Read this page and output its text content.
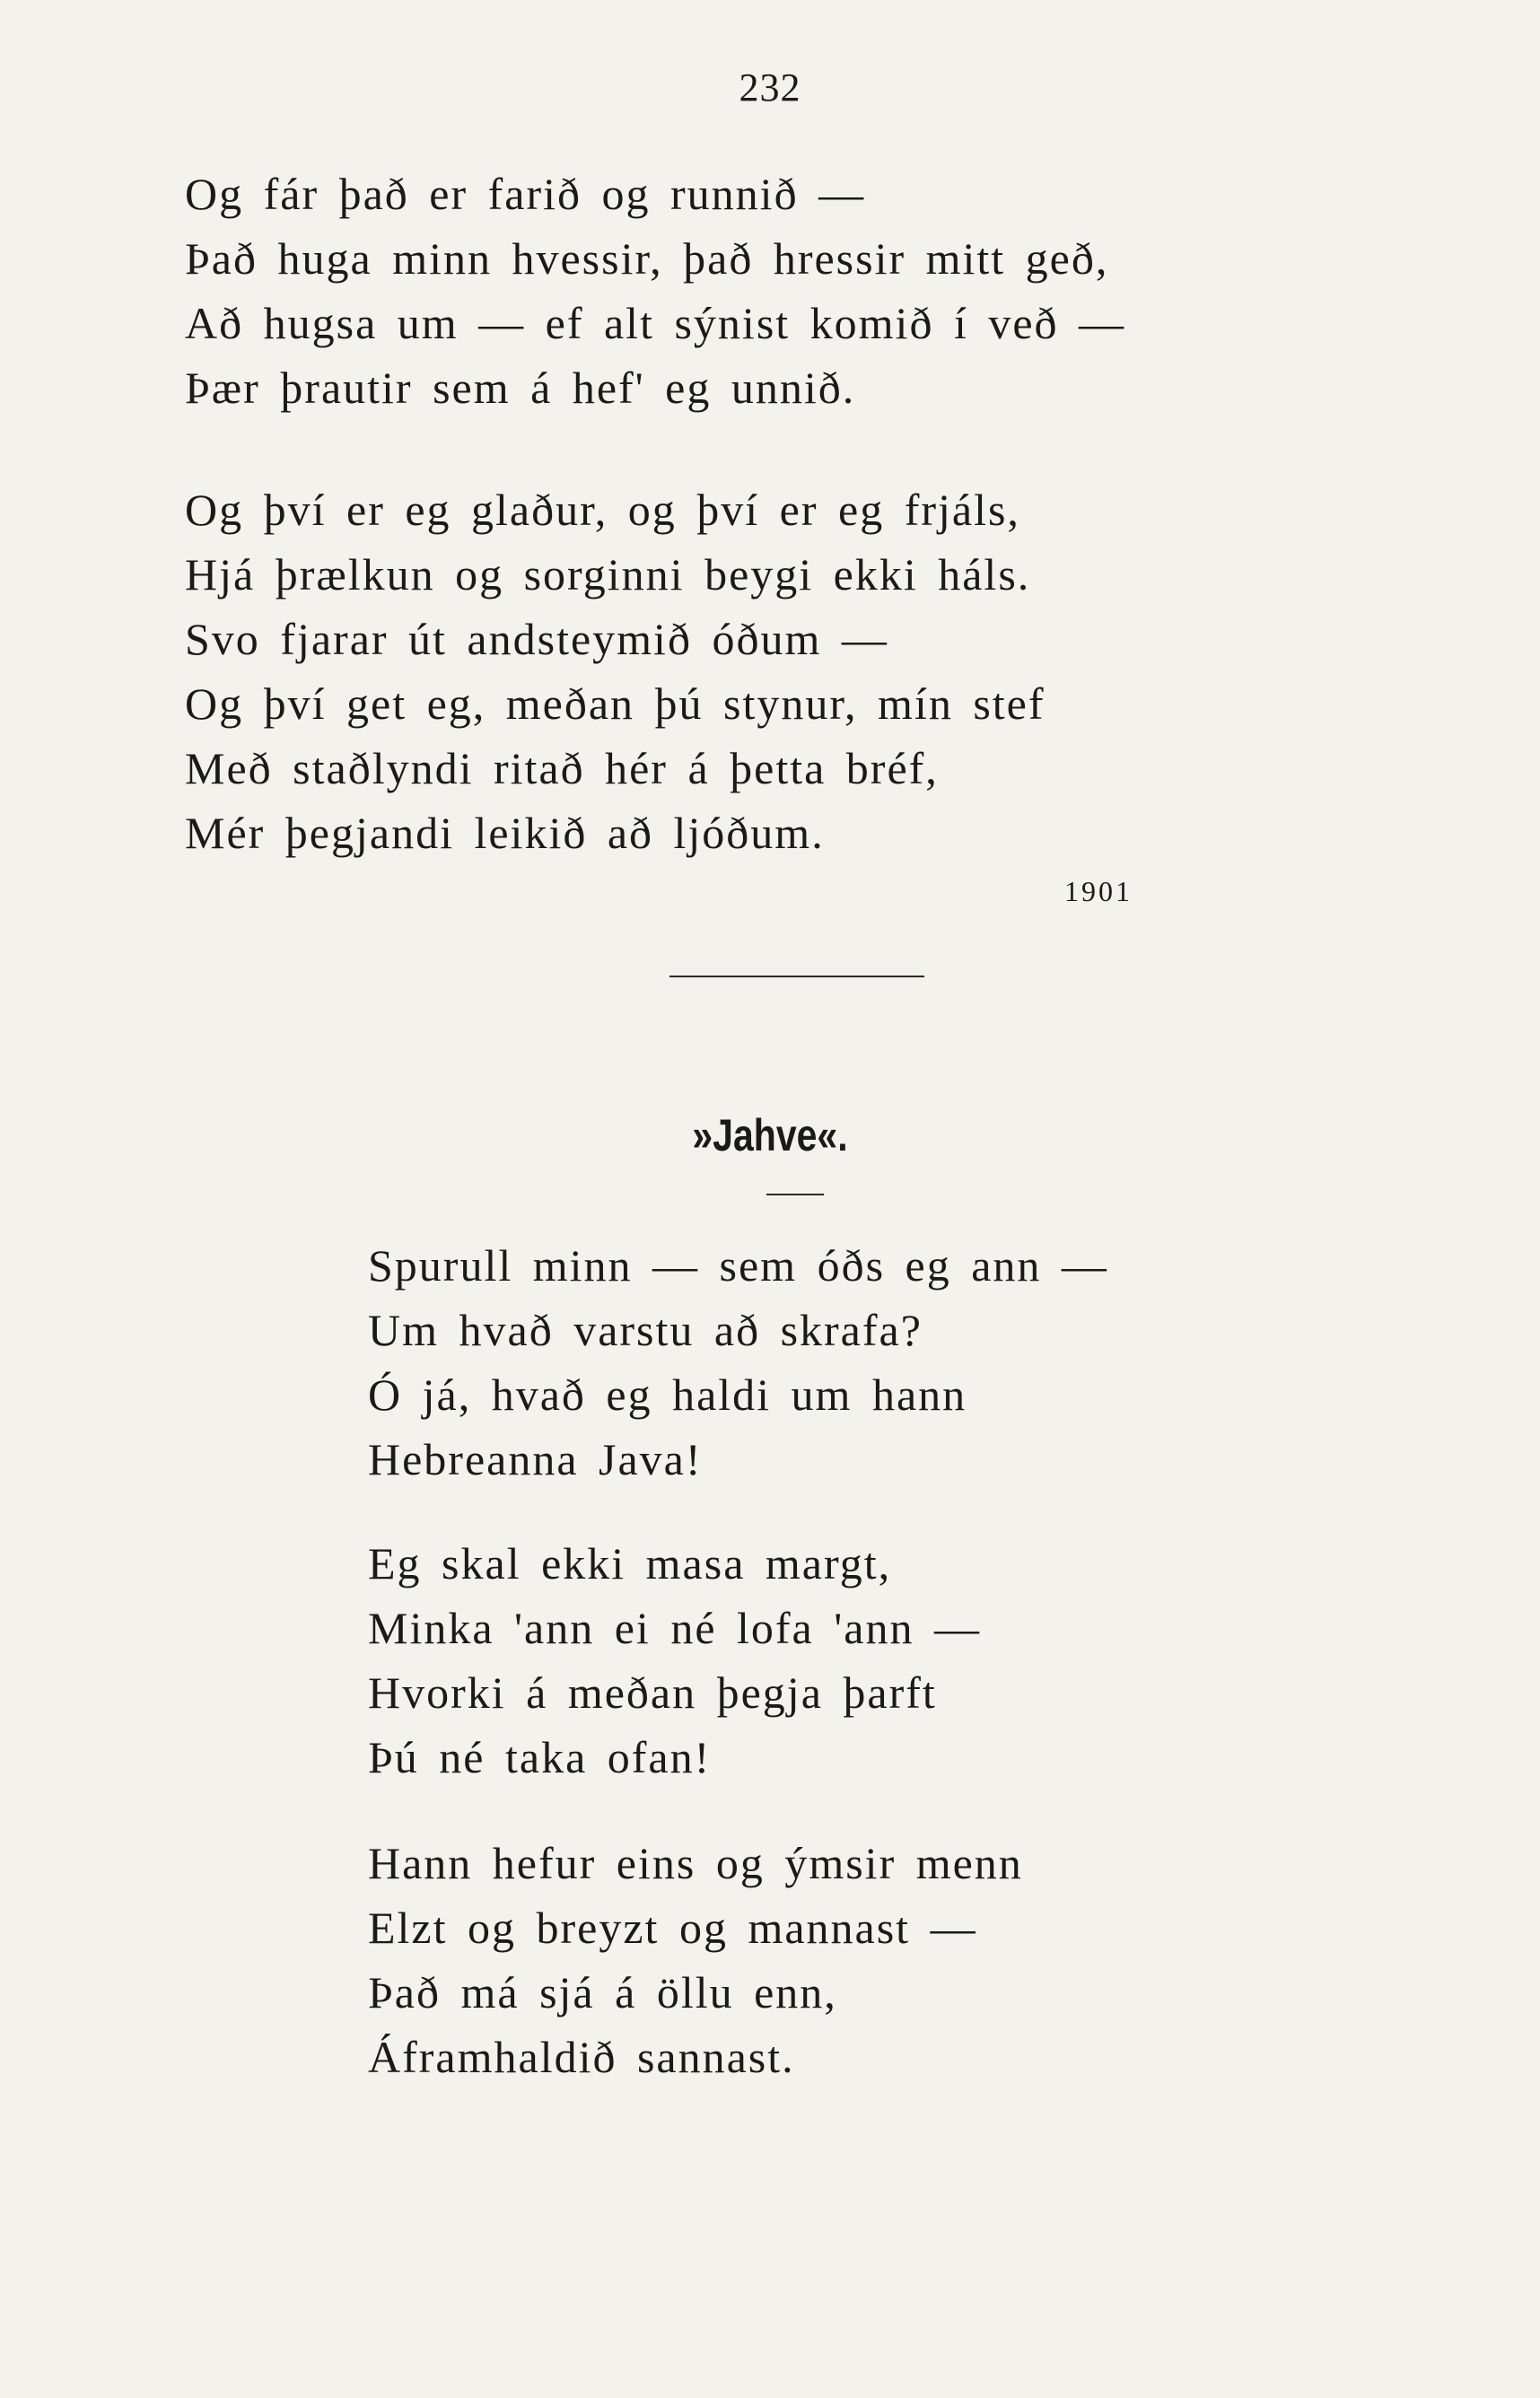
232
Og fár það er farið og runnið —
Það huga minn hvessir, það hressir mitt geð,
Að hugsa um — ef alt sýnist komið í veð —
Þær þrautir sem á hef' eg unnið.
Og því er eg glaður, og því er eg frjáls,
Hjá þrælkun og sorginni beygi ekki háls.
Svo fjarar út andsteymið óðum —
Og því get eg, meðan þú stynur, mín stef
Með staðlyndi ritað hér á þetta bréf,
Mér þegjandi leikið að ljóðum.
1901
»Jahve«.
Spurull minn — sem óðs eg ann —
Um hvað varstu að skrafa?
Ó já, hvað eg haldi um hann
Hebreanna Java!
Eg skal ekki masa margt,
Minka 'ann ei né lofa 'ann —
Hvorki á meðan þegja þarft
Þú né taka ofan!
Hann hefur eins og ýmsir menn
Elzt og breyzt og mannast —
Það má sjá á öllu enn,
Áframhaldið sannast.
